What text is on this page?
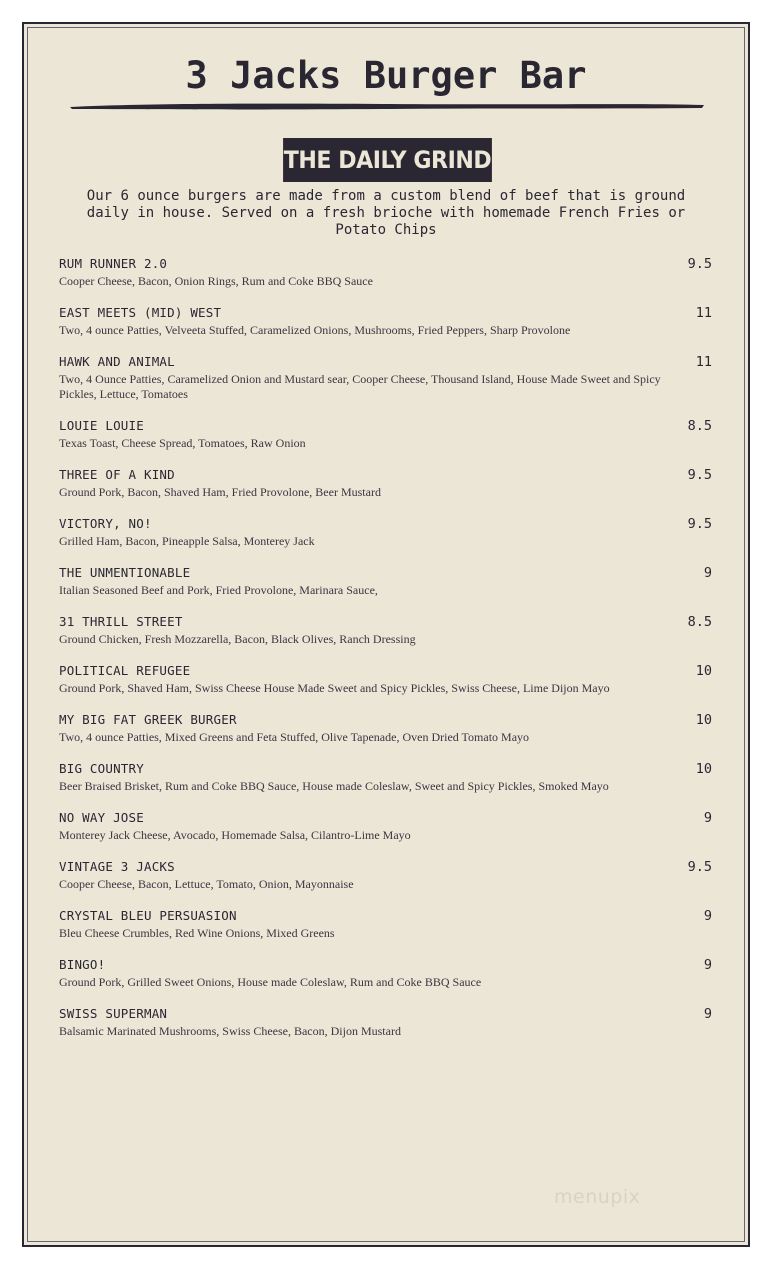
3 Jacks Burger Bar
THE DAILY GRIND
Our 6 ounce burgers are made from a custom blend of beef that is ground daily in house. Served on a fresh brioche with homemade French Fries or Potato Chips
RUM RUNNER 2.0	9.5
Cooper Cheese, Bacon, Onion Rings, Rum and Coke BBQ Sauce
EAST MEETS (MID) WEST	11
Two, 4 ounce Patties, Velveeta Stuffed, Caramelized Onions, Mushrooms, Fried Peppers, Sharp Provolone
HAWK AND ANIMAL	11
Two, 4 Ounce Patties, Caramelized Onion and Mustard sear, Cooper Cheese, Thousand Island, House Made Sweet and Spicy Pickles, Lettuce, Tomatoes
LOUIE LOUIE	8.5
Texas Toast, Cheese Spread, Tomatoes, Raw Onion
THREE OF A KIND	9.5
Ground Pork, Bacon, Shaved Ham, Fried Provolone, Beer Mustard
VICTORY, NO!	9.5
Grilled Ham, Bacon, Pineapple Salsa, Monterey Jack
THE UNMENTIONABLE	9
Italian Seasoned Beef and Pork, Fried Provolone, Marinara Sauce,
31 THRILL STREET	8.5
Ground Chicken, Fresh Mozzarella, Bacon, Black Olives, Ranch Dressing
POLITICAL REFUGEE	10
Ground Pork, Shaved Ham, Swiss Cheese House Made Sweet and Spicy Pickles, Swiss Cheese, Lime Dijon Mayo
MY BIG FAT GREEK BURGER	10
Two, 4 ounce Patties, Mixed Greens and Feta Stuffed, Olive Tapenade, Oven Dried Tomato Mayo
BIG COUNTRY	10
Beer Braised Brisket, Rum and Coke BBQ Sauce, House made Coleslaw, Sweet and Spicy Pickles, Smoked Mayo
NO WAY JOSE	9
Monterey Jack Cheese, Avocado, Homemade Salsa, Cilantro-Lime Mayo
VINTAGE 3 JACKS	9.5
Cooper Cheese, Bacon, Lettuce, Tomato, Onion, Mayonnaise
CRYSTAL BLEU PERSUASION	9
Bleu Cheese Crumbles, Red Wine Onions, Mixed Greens
BINGO!	9
Ground Pork, Grilled Sweet Onions, House made Coleslaw, Rum and Coke BBQ Sauce
SWISS SUPERMAN	9
Balsamic Marinated Mushrooms, Swiss Cheese, Bacon, Dijon Mustard
menupix
